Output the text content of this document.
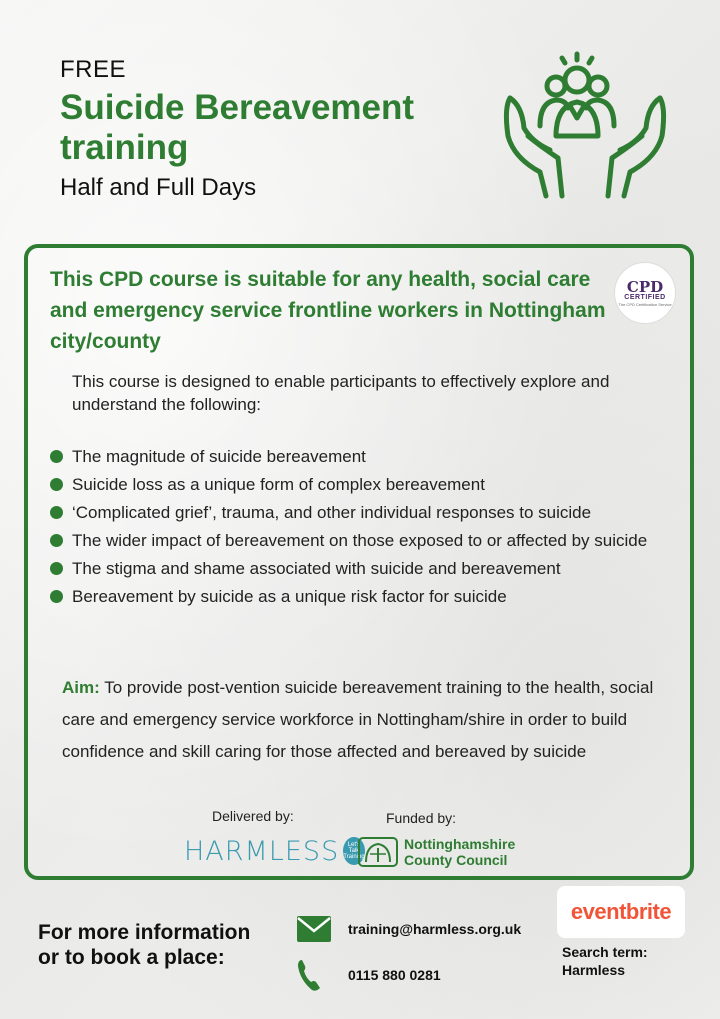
FREE
Suicide Bereavement
training
Half and Full Days
This CPD course is suitable for any health, social care and emergency service frontline workers in Nottingham city/county
CPD
CERTIFIED
The CPD Certification Service
This course is designed to enable participants to effectively explore and understand the following:
The magnitude of suicide bereavement
Suicide loss as a unique form of complex bereavement
‘Complicated grief’, trauma, and other individual responses to suicide
The wider impact of bereavement on those exposed to or affected by suicide
The stigma and shame associated with suicide and bereavement
Bereavement by suicide as a unique risk factor for suicide
Aim: To provide post-vention suicide bereavement training to the health, social care and emergency service workforce in Nottingham/shire in order to build confidence and skill caring for those affected and bereaved by suicide
Delivered by:	Funded by:
HARMLESS	Let's Talk Training
Nottinghamshire
County Council
For more information
or to book a place:
training@harmless.org.uk
0115 880 0281
eventbrite
Search term:
Harmless
